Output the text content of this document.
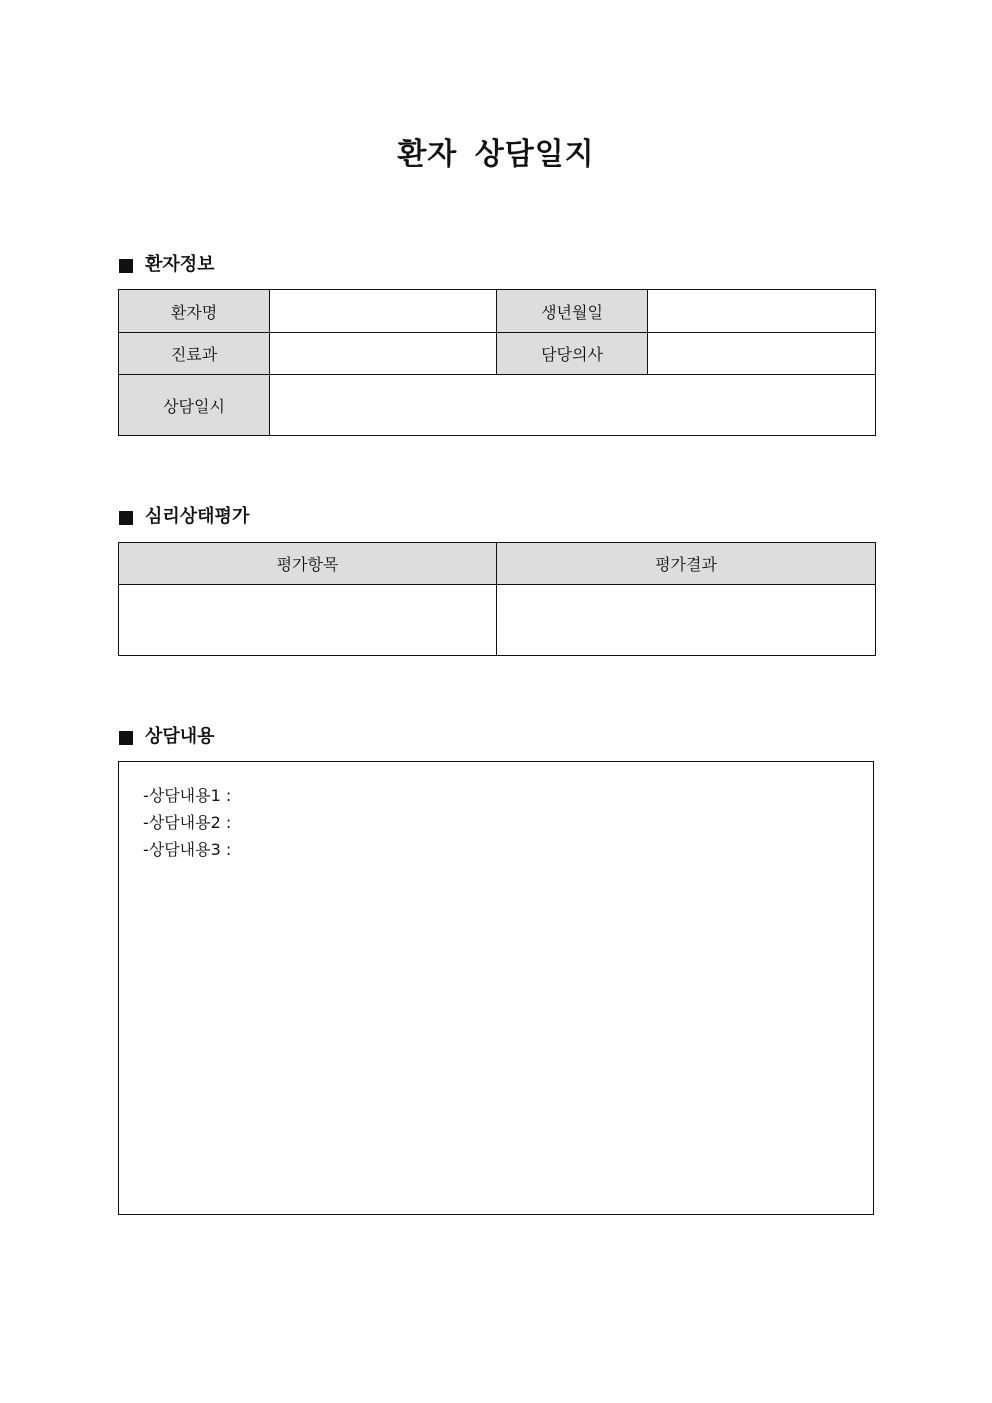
환자 상담일지
환자정보
환자명		생년월일	
진료과		담당의사	
상담일시			
심리상태평가
평가항목	평가결과

상담내용
-상담내용1 :
-상담내용2 :
-상담내용3 :
